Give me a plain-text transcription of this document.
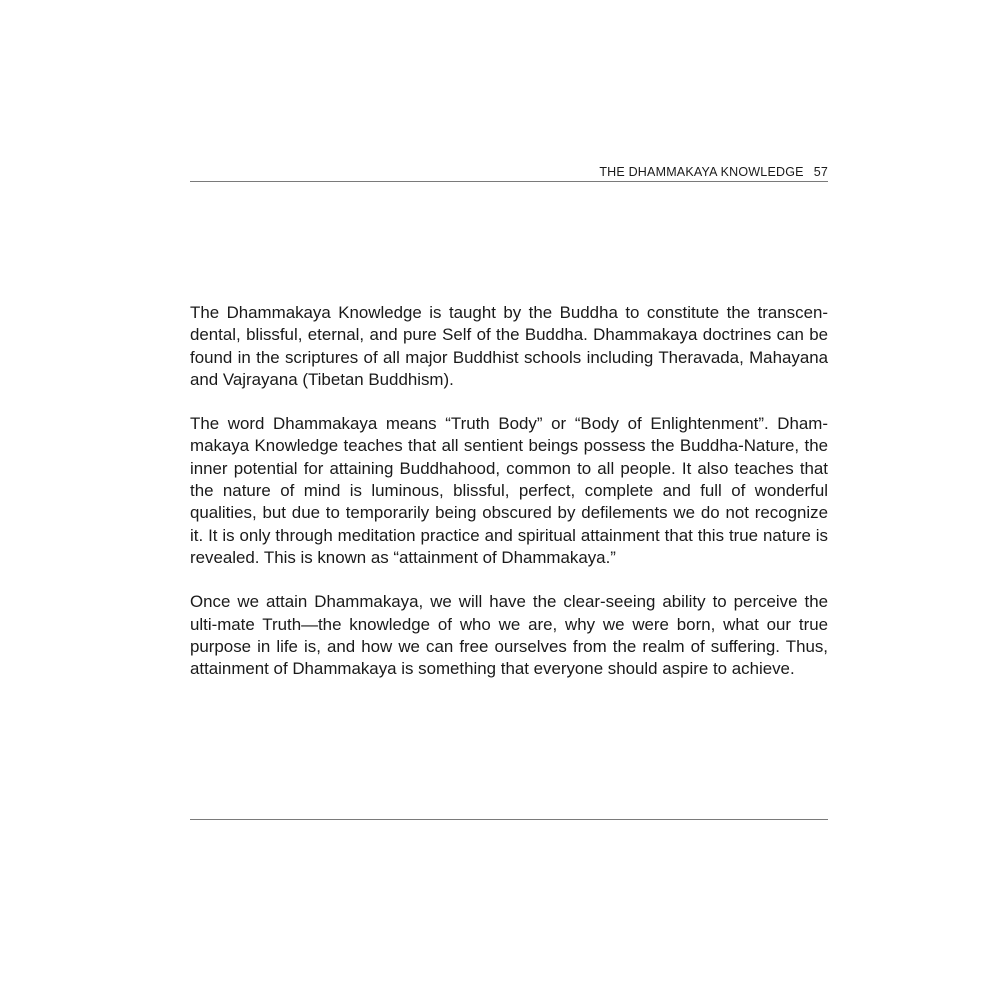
THE DHAMMAKAYA KNOWLEDGE 57

The Dhammakaya Knowledge is taught by the Buddha to constitute the transcen-dental, blissful, eternal, and pure Self of the Buddha. Dhammakaya doctrines can be found in the scriptures of all major Buddhist schools including Theravada, Mahayana and Vajrayana (Tibetan Buddhism).

The word Dhammakaya means “Truth Body” or “Body of Enlightenment”. Dham-makaya Knowledge teaches that all sentient beings possess the Buddha-Nature, the inner potential for attaining Buddhahood, common to all people. It also teaches that the nature of mind is luminous, blissful, perfect, complete and full of wonderful qualities, but due to temporarily being obscured by defilements we do not recognize it. It is only through meditation practice and spiritual attainment that this true nature is revealed. This is known as “attainment of Dhammakaya.”

Once we attain Dhammakaya, we will have the clear-seeing ability to perceive the ulti-mate Truth—the knowledge of who we are, why we were born, what our true purpose in life is, and how we can free ourselves from the realm of suffering. Thus, attainment of Dhammakaya is something that everyone should aspire to achieve.
